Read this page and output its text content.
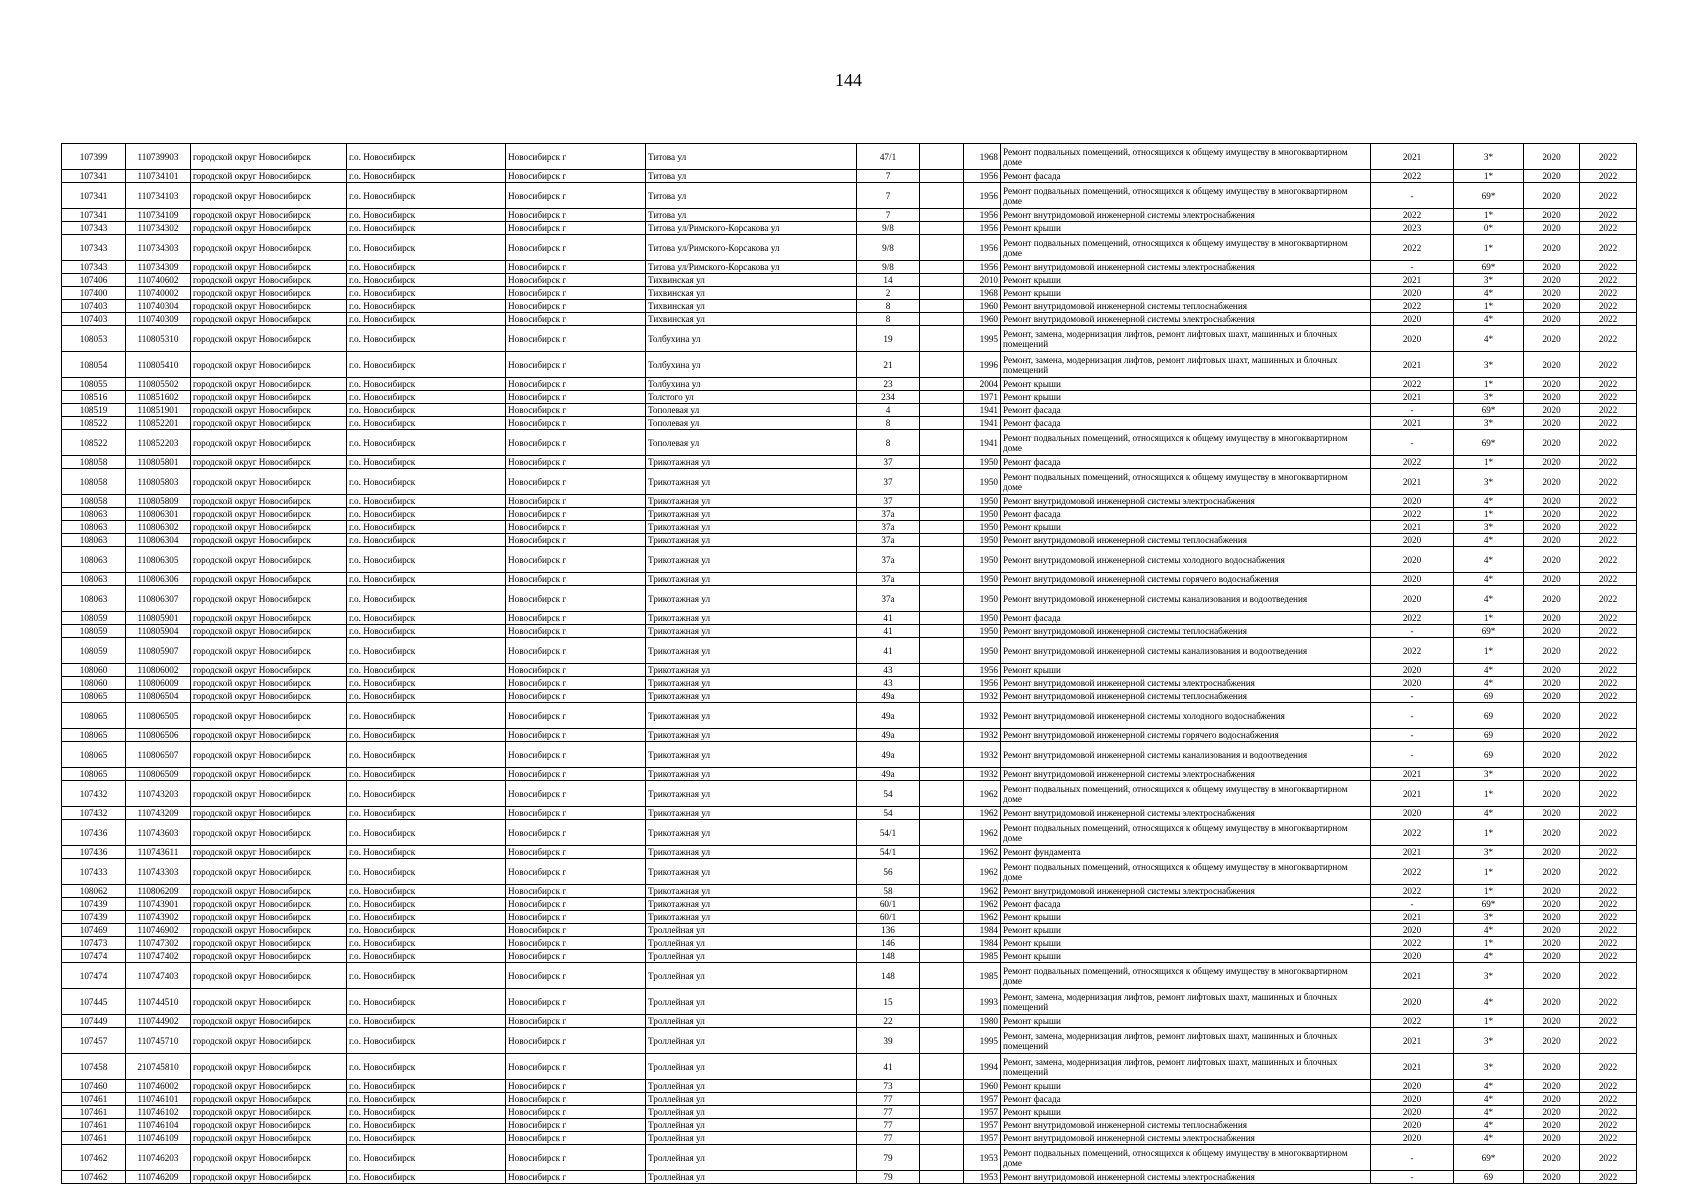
144
107399	110739903	городской округ Новосибирск	г.о. Новосибирск	Новосибирск г	Титова ул	47/1		1968	Ремонт подвальных помещений, относящихся к общему имуществу в многоквартирном доме	2021	3*	2020	2022
107341	110734101	городской округ Новосибирск	г.о. Новосибирск	Новосибирск г	Титова ул	7		1956	Ремонт фасада	2022	1*	2020	2022
107341	110734103	городской округ Новосибирск	г.о. Новосибирск	Новосибирск г	Титова ул	7		1956	Ремонт подвальных помещений, относящихся к общему имуществу в многоквартирном доме	-	69*	2020	2022
107341	110734109	городской округ Новосибирск	г.о. Новосибирск	Новосибирск г	Титова ул	7		1956	Ремонт внутридомовой инженерной системы электроснабжения	2022	1*	2020	2022
107343	110734302	городской округ Новосибирск	г.о. Новосибирск	Новосибирск г	Титова ул/Римского-Корсакова ул	9/8		1956	Ремонт крыши	2023	0*	2020	2022
107343	110734303	городской округ Новосибирск	г.о. Новосибирск	Новосибирск г	Титова ул/Римского-Корсакова ул	9/8		1956	Ремонт подвальных помещений, относящихся к общему имуществу в многоквартирном доме	2022	1*	2020	2022
107343	110734309	городской округ Новосибирск	г.о. Новосибирск	Новосибирск г	Титова ул/Римского-Корсакова ул	9/8		1956	Ремонт внутридомовой инженерной системы электроснабжения	-	69*	2020	2022
107406	110740602	городской округ Новосибирск	г.о. Новосибирск	Новосибирск г	Тихвинская ул	14		2010	Ремонт крыши	2021	3*	2020	2022
107400	110740002	городской округ Новосибирск	г.о. Новосибирск	Новосибирск г	Тихвинская ул	2		1968	Ремонт крыши	2020	4*	2020	2022
107403	110740304	городской округ Новосибирск	г.о. Новосибирск	Новосибирск г	Тихвинская ул	8		1960	Ремонт внутридомовой инженерной системы теплоснабжения	2022	1*	2020	2022
107403	110740309	городской округ Новосибирск	г.о. Новосибирск	Новосибирск г	Тихвинская ул	8		1960	Ремонт внутридомовой инженерной системы электроснабжения	2020	4*	2020	2022
108053	110805310	городской округ Новосибирск	г.о. Новосибирск	Новосибирск г	Толбухина ул	19		1995	Ремонт, замена, модернизация лифтов, ремонт лифтовых шахт, машинных и блочных помещений	2020	4*	2020	2022
108054	110805410	городской округ Новосибирск	г.о. Новосибирск	Новосибирск г	Толбухина ул	21		1996	Ремонт, замена, модернизация лифтов, ремонт лифтовых шахт, машинных и блочных помещений	2021	3*	2020	2022
108055	110805502	городской округ Новосибирск	г.о. Новосибирск	Новосибирск г	Толбухина ул	23		2004	Ремонт крыши	2022	1*	2020	2022
108516	110851602	городской округ Новосибирск	г.о. Новосибирск	Новосибирск г	Толстого ул	234		1971	Ремонт крыши	2021	3*	2020	2022
108519	110851901	городской округ Новосибирск	г.о. Новосибирск	Новосибирск г	Тополевая ул	4		1941	Ремонт фасада	-	69*	2020	2022
108522	110852201	городской округ Новосибирск	г.о. Новосибирск	Новосибирск г	Тополевая ул	8		1941	Ремонт фасада	2021	3*	2020	2022
108522	110852203	городской округ Новосибирск	г.о. Новосибирск	Новосибирск г	Тополевая ул	8		1941	Ремонт подвальных помещений, относящихся к общему имуществу в многоквартирном доме	-	69*	2020	2022
108058	110805801	городской округ Новосибирск	г.о. Новосибирск	Новосибирск г	Трикотажная ул	37		1950	Ремонт фасада	2022	1*	2020	2022
108058	110805803	городской округ Новосибирск	г.о. Новосибирск	Новосибирск г	Трикотажная ул	37		1950	Ремонт подвальных помещений, относящихся к общему имуществу в многоквартирном доме	2021	3*	2020	2022
108058	110805809	городской округ Новосибирск	г.о. Новосибирск	Новосибирск г	Трикотажная ул	37		1950	Ремонт внутридомовой инженерной системы электроснабжения	2020	4*	2020	2022
108063	110806301	городской округ Новосибирск	г.о. Новосибирск	Новосибирск г	Трикотажная ул	37а		1950	Ремонт фасада	2022	1*	2020	2022
108063	110806302	городской округ Новосибирск	г.о. Новосибирск	Новосибирск г	Трикотажная ул	37а		1950	Ремонт крыши	2021	3*	2020	2022
108063	110806304	городской округ Новосибирск	г.о. Новосибирск	Новосибирск г	Трикотажная ул	37а		1950	Ремонт внутридомовой инженерной системы теплоснабжения	2020	4*	2020	2022
108063	110806305	городской округ Новосибирск	г.о. Новосибирск	Новосибирск г	Трикотажная ул	37а		1950	Ремонт внутридомовой инженерной системы холодного водоснабжения	2020	4*	2020	2022
108063	110806306	городской округ Новосибирск	г.о. Новосибирск	Новосибирск г	Трикотажная ул	37а		1950	Ремонт внутридомовой инженерной системы горячего водоснабжения	2020	4*	2020	2022
108063	110806307	городской округ Новосибирск	г.о. Новосибирск	Новосибирск г	Трикотажная ул	37а		1950	Ремонт внутридомовой инженерной системы канализования и водоотведения	2020	4*	2020	2022
108059	110805901	городской округ Новосибирск	г.о. Новосибирск	Новосибирск г	Трикотажная ул	41		1950	Ремонт фасада	2022	1*	2020	2022
108059	110805904	городской округ Новосибирск	г.о. Новосибирск	Новосибирск г	Трикотажная ул	41		1950	Ремонт внутридомовой инженерной системы теплоснабжения	-	69*	2020	2022
108059	110805907	городской округ Новосибирск	г.о. Новосибирск	Новосибирск г	Трикотажная ул	41		1950	Ремонт внутридомовой инженерной системы канализования и водоотведения	2022	1*	2020	2022
108060	110806002	городской округ Новосибирск	г.о. Новосибирск	Новосибирск г	Трикотажная ул	43		1956	Ремонт крыши	2020	4*	2020	2022
108060	110806009	городской округ Новосибирск	г.о. Новосибирск	Новосибирск г	Трикотажная ул	43		1956	Ремонт внутридомовой инженерной системы электроснабжения	2020	4*	2020	2022
108065	110806504	городской округ Новосибирск	г.о. Новосибирск	Новосибирск г	Трикотажная ул	49а		1932	Ремонт внутридомовой инженерной системы теплоснабжения	-	69	2020	2022
108065	110806505	городской округ Новосибирск	г.о. Новосибирск	Новосибирск г	Трикотажная ул	49а		1932	Ремонт внутридомовой инженерной системы холодного водоснабжения	-	69	2020	2022
108065	110806506	городской округ Новосибирск	г.о. Новосибирск	Новосибирск г	Трикотажная ул	49а		1932	Ремонт внутридомовой инженерной системы горячего водоснабжения	-	69	2020	2022
108065	110806507	городской округ Новосибирск	г.о. Новосибирск	Новосибирск г	Трикотажная ул	49а		1932	Ремонт внутридомовой инженерной системы канализования и водоотведения	-	69	2020	2022
108065	110806509	городской округ Новосибирск	г.о. Новосибирск	Новосибирск г	Трикотажная ул	49а		1932	Ремонт внутридомовой инженерной системы электроснабжения	2021	3*	2020	2022
107432	110743203	городской округ Новосибирск	г.о. Новосибирск	Новосибирск г	Трикотажная ул	54		1962	Ремонт подвальных помещений, относящихся к общему имуществу в многоквартирном доме	2021	1*	2020	2022
107432	110743209	городской округ Новосибирск	г.о. Новосибирск	Новосибирск г	Трикотажная ул	54		1962	Ремонт внутридомовой инженерной системы электроснабжения	2020	4*	2020	2022
107436	110743603	городской округ Новосибирск	г.о. Новосибирск	Новосибирск г	Трикотажная ул	54/1		1962	Ремонт подвальных помещений, относящихся к общему имуществу в многоквартирном доме	2022	1*	2020	2022
107436	110743611	городской округ Новосибирск	г.о. Новосибирск	Новосибирск г	Трикотажная ул	54/1		1962	Ремонт фундамента	2021	3*	2020	2022
107433	110743303	городской округ Новосибирск	г.о. Новосибирск	Новосибирск г	Трикотажная ул	56		1962	Ремонт подвальных помещений, относящихся к общему имуществу в многоквартирном доме	2022	1*	2020	2022
108062	110806209	городской округ Новосибирск	г.о. Новосибирск	Новосибирск г	Трикотажная ул	58		1962	Ремонт внутридомовой инженерной системы электроснабжения	2022	1*	2020	2022
107439	110743901	городской округ Новосибирск	г.о. Новосибирск	Новосибирск г	Трикотажная ул	60/1		1962	Ремонт фасада	-	69*	2020	2022
107439	110743902	городской округ Новосибирск	г.о. Новосибирск	Новосибирск г	Трикотажная ул	60/1		1962	Ремонт крыши	2021	3*	2020	2022
107469	110746902	городской округ Новосибирск	г.о. Новосибирск	Новосибирск г	Троллейная ул	136		1984	Ремонт крыши	2020	4*	2020	2022
107473	110747302	городской округ Новосибирск	г.о. Новосибирск	Новосибирск г	Троллейная ул	146		1984	Ремонт крыши	2022	1*	2020	2022
107474	110747402	городской округ Новосибирск	г.о. Новосибирск	Новосибирск г	Троллейная ул	148		1985	Ремонт крыши	2020	4*	2020	2022
107474	110747403	городской округ Новосибирск	г.о. Новосибирск	Новосибирск г	Троллейная ул	148		1985	Ремонт подвальных помещений, относящихся к общему имуществу в многоквартирном доме	2021	3*	2020	2022
107445	110744510	городской округ Новосибирск	г.о. Новосибирск	Новосибирск г	Троллейная ул	15		1993	Ремонт, замена, модернизация лифтов, ремонт лифтовых шахт, машинных и блочных помещений	2020	4*	2020	2022
107449	110744902	городской округ Новосибирск	г.о. Новосибирск	Новосибирск г	Троллейная ул	22		1980	Ремонт крыши	2022	1*	2020	2022
107457	110745710	городской округ Новосибирск	г.о. Новосибирск	Новосибирск г	Троллейная ул	39		1995	Ремонт, замена, модернизация лифтов, ремонт лифтовых шахт, машинных и блочных помещений	2021	3*	2020	2022
107458	210745810	городской округ Новосибирск	г.о. Новосибирск	Новосибирск г	Троллейная ул	41		1994	Ремонт, замена, модернизация лифтов, ремонт лифтовых шахт, машинных и блочных помещений	2021	3*	2020	2022
107460	110746002	городской округ Новосибирск	г.о. Новосибирск	Новосибирск г	Троллейная ул	73		1960	Ремонт крыши	2020	4*	2020	2022
107461	110746101	городской округ Новосибирск	г.о. Новосибирск	Новосибирск г	Троллейная ул	77		1957	Ремонт фасада	2020	4*	2020	2022
107461	110746102	городской округ Новосибирск	г.о. Новосибирск	Новосибирск г	Троллейная ул	77		1957	Ремонт крыши	2020	4*	2020	2022
107461	110746104	городской округ Новосибирск	г.о. Новосибирск	Новосибирск г	Троллейная ул	77		1957	Ремонт внутридомовой инженерной системы теплоснабжения	2020	4*	2020	2022
107461	110746109	городской округ Новосибирск	г.о. Новосибирск	Новосибирск г	Троллейная ул	77		1957	Ремонт внутридомовой инженерной системы электроснабжения	2020	4*	2020	2022
107462	110746203	городской округ Новосибирск	г.о. Новосибирск	Новосибирск г	Троллейная ул	79		1953	Ремонт подвальных помещений, относящихся к общему имуществу в многоквартирном доме	-	69*	2020	2022
107462	110746209	городской округ Новосибирск	г.о. Новосибирск	Новосибирск г	Троллейная ул	79		1953	Ремонт внутридомовой инженерной системы электроснабжения	-	69	2020	2022
